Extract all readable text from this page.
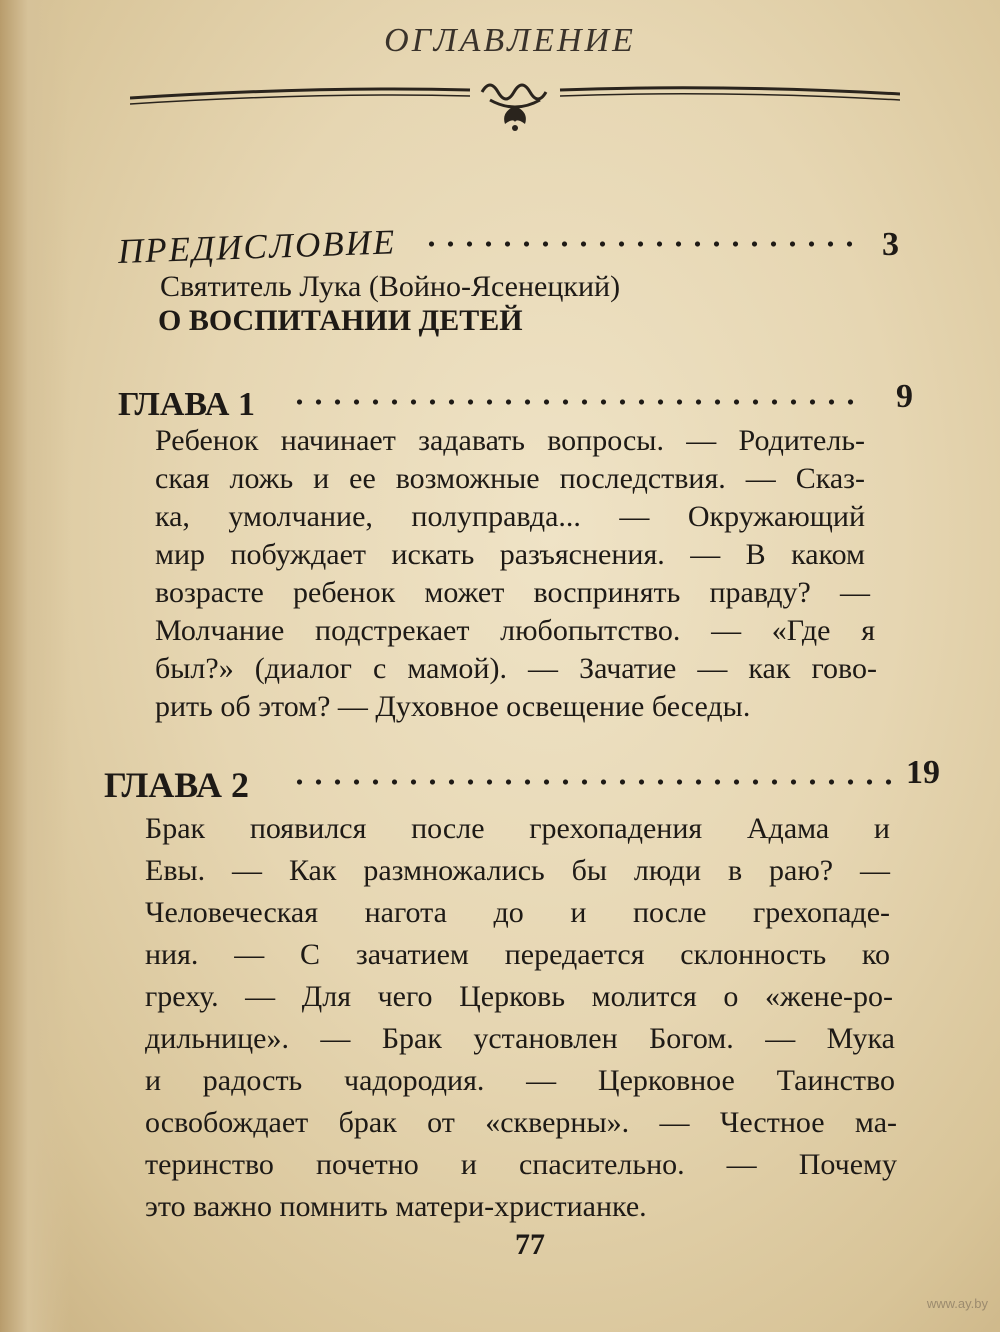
ОГЛАВЛЕНИЕ
ПРЕДИСЛОВИЕ	3
Святитель Лука (Войно-Ясенецкий)
О ВОСПИТАНИИ ДЕТЕЙ
ГЛАВА 1	9
Ребенок начинает задавать вопросы. — Родитель-
ская ложь и ее возможные последствия. — Сказ-
ка, умолчание, полуправда... — Окружающий
мир побуждает искать разъяснения. — В каком
возрасте ребенок может воспринять правду? —
Молчание подстрекает любопытство. — «Где я
был?» (диалог с мамой). — Зачатие — как гово-
рить об этом? — Духовное освещение беседы.
ГЛАВА 2	19
Брак появился после грехопадения Адама и
Евы. — Как размножались бы люди в раю? —
Человеческая нагота до и после грехопаде-
ния. — С зачатием передается склонность ко
греху. — Для чего Церковь молится о «жене-ро-
дильнице». — Брак установлен Богом. — Мука
и радость чадородия. — Церковное Таинство
освобождает брак от «скверны». — Честное ма-
теринство почетно и спасительно. — Почему
это важно помнить матери-христианке.
77
www.ay.by
